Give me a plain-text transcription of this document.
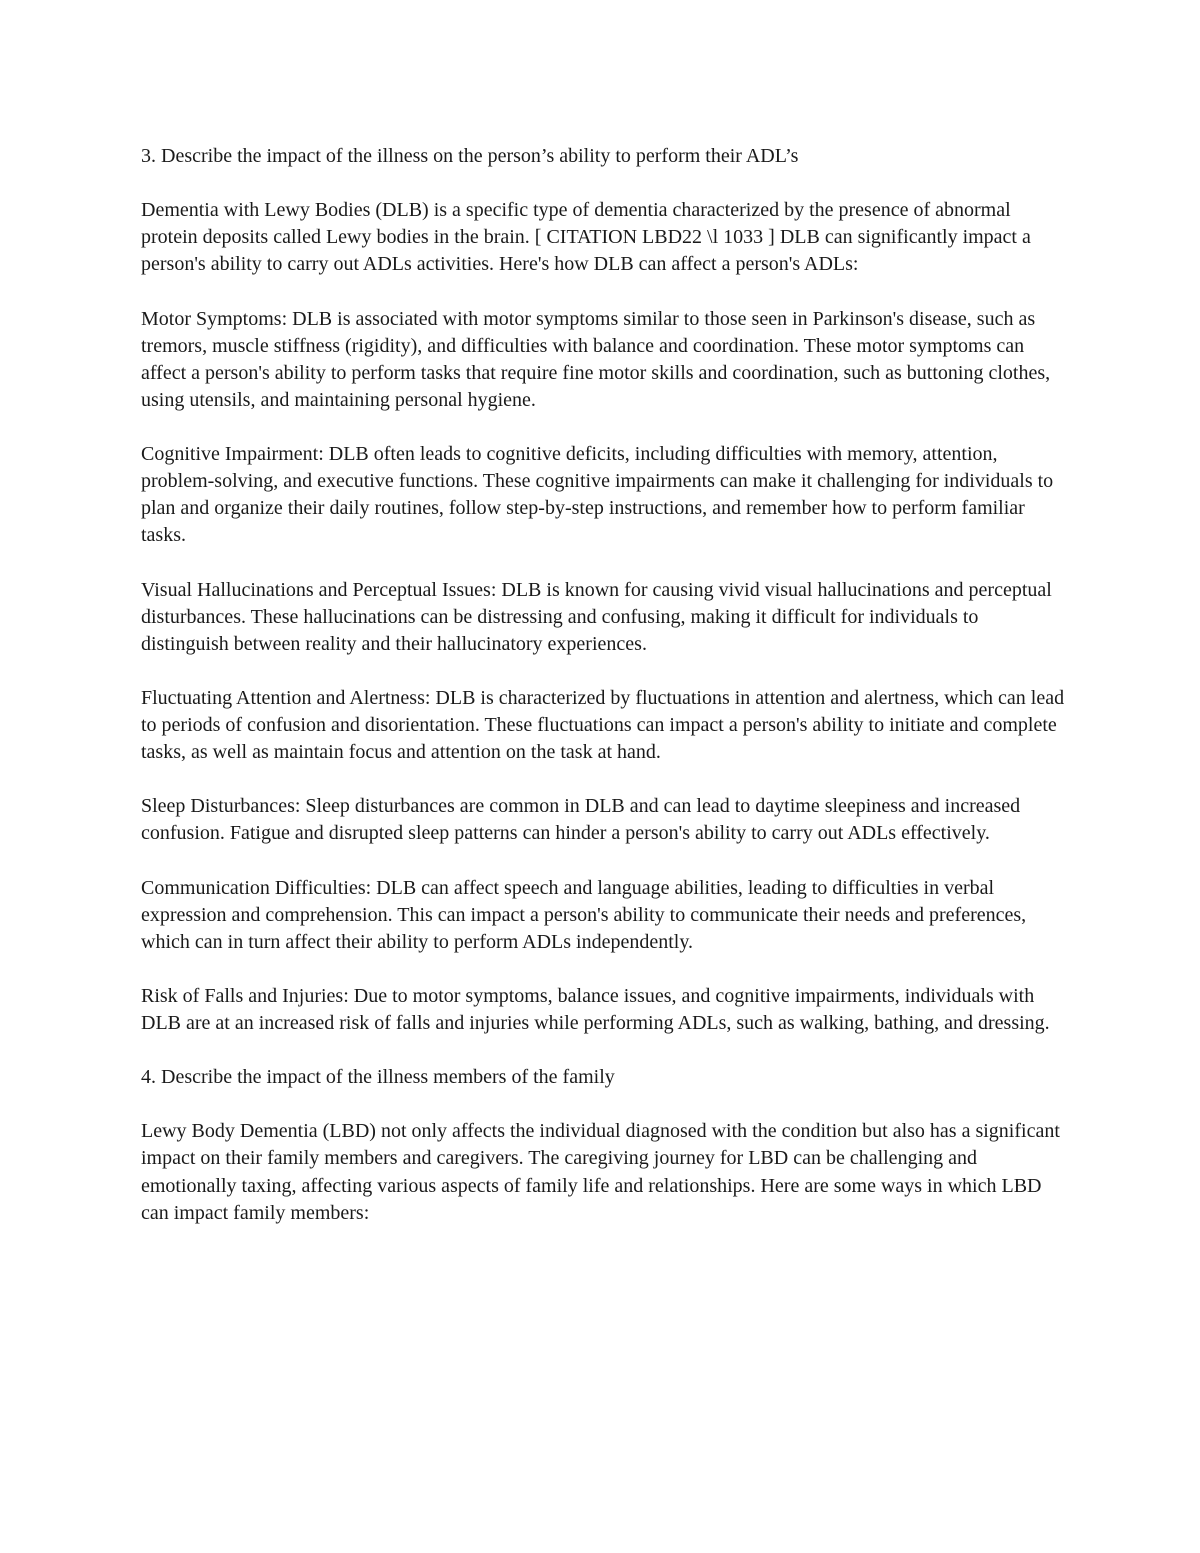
3. Describe the impact of the illness on the person’s ability to perform their ADL’s

Dementia with Lewy Bodies (DLB) is a specific type of dementia characterized by the presence of abnormal protein deposits called Lewy bodies in the brain. [ CITATION LBD22 \l 1033 ] DLB can significantly impact a person's ability to carry out ADLs activities. Here's how DLB can affect a person's ADLs:

Motor Symptoms: DLB is associated with motor symptoms similar to those seen in Parkinson's disease, such as tremors, muscle stiffness (rigidity), and difficulties with balance and coordination. These motor symptoms can affect a person's ability to perform tasks that require fine motor skills and coordination, such as buttoning clothes, using utensils, and maintaining personal hygiene.

Cognitive Impairment: DLB often leads to cognitive deficits, including difficulties with memory, attention, problem-solving, and executive functions. These cognitive impairments can make it challenging for individuals to plan and organize their daily routines, follow step-by-step instructions, and remember how to perform familiar tasks.

Visual Hallucinations and Perceptual Issues: DLB is known for causing vivid visual hallucinations and perceptual disturbances. These hallucinations can be distressing and confusing, making it difficult for individuals to distinguish between reality and their hallucinatory experiences.

Fluctuating Attention and Alertness: DLB is characterized by fluctuations in attention and alertness, which can lead to periods of confusion and disorientation. These fluctuations can impact a person's ability to initiate and complete tasks, as well as maintain focus and attention on the task at hand.

Sleep Disturbances: Sleep disturbances are common in DLB and can lead to daytime sleepiness and increased confusion. Fatigue and disrupted sleep patterns can hinder a person's ability to carry out ADLs effectively.

Communication Difficulties: DLB can affect speech and language abilities, leading to difficulties in verbal expression and comprehension. This can impact a person's ability to communicate their needs and preferences, which can in turn affect their ability to perform ADLs independently.

Risk of Falls and Injuries: Due to motor symptoms, balance issues, and cognitive impairments, individuals with DLB are at an increased risk of falls and injuries while performing ADLs, such as walking, bathing, and dressing.

4. Describe the impact of the illness members of the family

Lewy Body Dementia (LBD) not only affects the individual diagnosed with the condition but also has a significant impact on their family members and caregivers. The caregiving journey for LBD can be challenging and emotionally taxing, affecting various aspects of family life and relationships. Here are some ways in which LBD can impact family members:
